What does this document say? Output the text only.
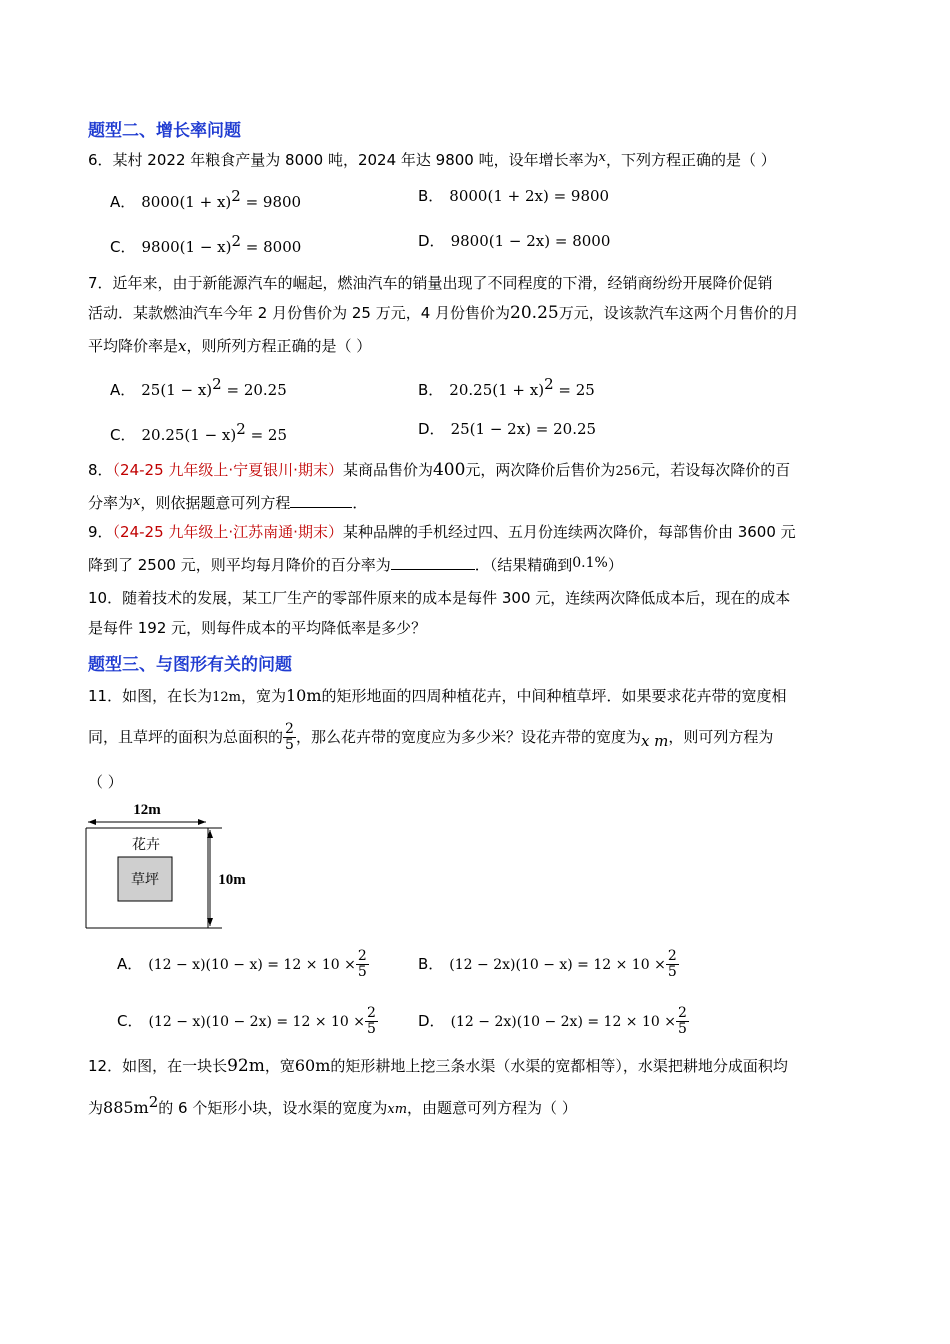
题型二、增长率问题
6．某村 2022 年粮食产量为 8000 吨，2024 年达 9800 吨，设年增长率为x，下列方程正确的是（ ）
A． $8000(1 + x)^2 = 9800$	B． 8000(1 + 2x) = 9800
C． $9800(1 - x)^2 = 8000$	D． 9800(1 − 2x) = 8000
7．近年来，由于新能源汽车的崛起，燃油汽车的销量出现了不同程度的下滑，经销商纷纷开展降价促销
活动．某款燃油汽车今年 2 月份售价为 25 万元，4 月份售价为20.25万元，设该款汽车这两个月售价的月
平均降价率是x，则所列方程正确的是（ ）
A． $25(1 - x)^2 = 20.25$	B． $20.25(1 + x)^2 = 25$
C． $20.25(1 - x)^2 = 25$	D． 25(1 − 2x) = 20.25
8．（24-25 九年级上·宁夏银川·期末）某商品售价为400元，两次降价后售价为256元，若设每次降价的百
分率为x，则依据题意可列方程	．
9．（24-25 九年级上·江苏南通·期末）某种品牌的手机经过四、五月份连续两次降价，每部售价由 3600 元
降到了 2500 元，则平均每月降价的百分率为	．（结果精确到0.1%）
10．随着技术的发展，某工厂生产的零部件原来的成本是每件 300 元，连续两次降低成本后，现在的成本
是每件 192 元，则每件成本的平均降低率是多少？
题型三、与图形有关的问题
11．如图，在长为12m，宽为10m的矩形地面的四周种植花卉，中间种植草坪．如果要求花卉带的宽度相
同，且草坪的面积为总面积的 $\frac{2}{5}$ ，那么花卉带的宽度应为多少米？设花卉带的宽度为x m，则可列方程为
（ ）
12m
10m
花卉
草坪
A． $(12 - x)(10 - x) = 12 \times 10 \times \frac{2}{5}$	B． $(12 - 2x)(10 - x) = 12 \times 10 \times \frac{2}{5}$
C． $(12 - x)(10 - 2x) = 12 \times 10 \times \frac{2}{5}$	D． $(12 - 2x)(10 - 2x) = 12 \times 10 \times \frac{2}{5}$
12．如图，在一块长92m，宽60m的矩形耕地上挖三条水渠（水渠的宽都相等），水渠把耕地分成面积均
为$885m^2$的 6 个矩形小块，设水渠的宽度为xm，由题意可列方程为（ ）
